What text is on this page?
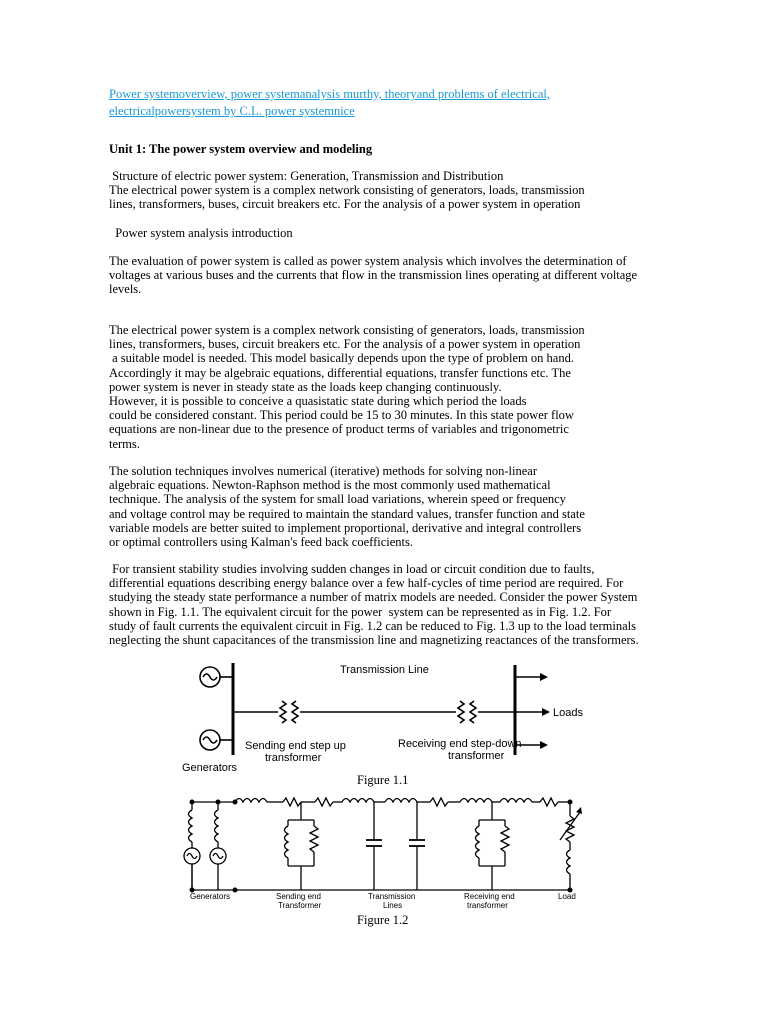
Power systemoverview, power systemanalysis murthy, theoryand problems of electrical, electricalpowersystem by C.L. power systemnice
Unit 1: The power system overview and modeling
Structure of electric power system: Generation, Transmission and Distribution
The electrical power system is a complex network consisting of generators, loads, transmission
lines, transformers, buses, circuit breakers etc. For the analysis of a power system in operation
Power system analysis introduction
The evaluation of power system is called as power system analysis which involves the determination of
voltages at various buses and the currents that flow in the transmission lines operating at different voltage
levels.
The electrical power system is a complex network consisting of generators, loads, transmission
lines, transformers, buses, circuit breakers etc. For the analysis of a power system in operation
a suitable model is needed. This model basically depends upon the type of problem on hand.
Accordingly it may be algebraic equations, differential equations, transfer functions etc. The
power system is never in steady state as the loads keep changing continuously.
However, it is possible to conceive a quasistatic state during which period the loads
could be considered constant. This period could be 15 to 30 minutes. In this state power flow
equations are non-linear due to the presence of product terms of variables and trigonometric
terms.
The solution techniques involves numerical (iterative) methods for solving non-linear
algebraic equations. Newton-Raphson method is the most commonly used mathematical
technique. The analysis of the system for small load variations, wherein speed or frequency
and voltage control may be required to maintain the standard values, transfer function and state
variable models are better suited to implement proportional, derivative and integral controllers
or optimal controllers using Kalman's feed back coefficients.
For transient stability studies involving sudden changes in load or circuit condition due to faults,
differential equations describing energy balance over a few half-cycles of time period are required. For
studying the steady state performance a number of matrix models are needed. Consider the power System
shown in Fig. 1.1. The equivalent circuit for the power  system can be represented as in Fig. 1.2. For
study of fault currents the equivalent circuit in Fig. 1.2 can be reduced to Fig. 1.3 up to the load terminals
neglecting the shunt capacitances of the transmission line and magnetizing reactances of the transformers.
Transmission Line
Loads
Sending end step up
transformer
Receiving end step-down
transformer
Generators
Figure 1.1
Generators	Sending end
Transformer
Transmission
Lines
Receiving end
transformer
Load
Figure 1.2
